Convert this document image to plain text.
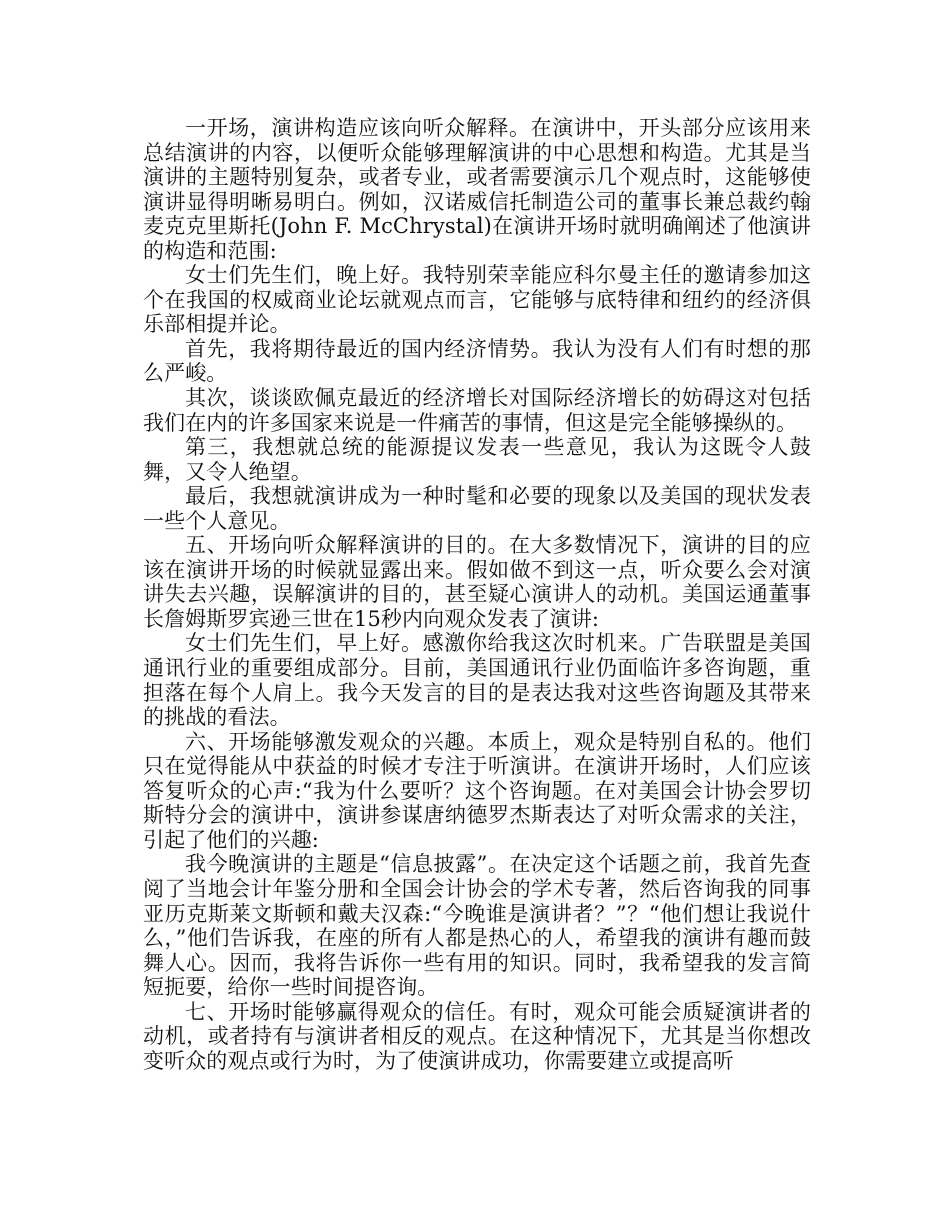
一开场，演讲构造应该向听众解释。在演讲中，开头部分应该用来总结演讲的内容，以便听众能够理解演讲的中心思想和构造。尤其是当演讲的主题特别复杂，或者专业，或者需要演示几个观点时，这能够使演讲显得明晰易明白。例如，汉诺威信托制造公司的董事长兼总裁约翰麦克克里斯托(John F. McChrystal)在演讲开场时就明确阐述了他演讲的构造和范围:

女士们先生们，晚上好。我特别荣幸能应科尔曼主任的邀请参加这个在我国的权威商业论坛就观点而言，它能够与底特律和纽约的经济俱乐部相提并论。

首先，我将期待最近的国内经济情势。我认为没有人们有时想的那么严峻。

其次，谈谈欧佩克最近的经济增长对国际经济增长的妨碍这对包括我们在内的许多国家来说是一件痛苦的事情，但这是完全能够操纵的。

第三，我想就总统的能源提议发表一些意见，我认为这既令人鼓舞，又令人绝望。

最后，我想就演讲成为一种时髦和必要的现象以及美国的现状发表一些个人意见。

五、开场向听众解释演讲的目的。在大多数情况下，演讲的目的应该在演讲开场的时候就显露出来。假如做不到这一点，听众要么会对演讲失去兴趣，误解演讲的目的，甚至疑心演讲人的动机。美国运通董事长詹姆斯罗宾逊三世在15秒内向观众发表了演讲:

女士们先生们，早上好。感激你给我这次时机来。广告联盟是美国通讯行业的重要组成部分。目前，美国通讯行业仍面临许多咨询题，重担落在每个人肩上。我今天发言的目的是表达我对这些咨询题及其带来的挑战的看法。

六、开场能够激发观众的兴趣。本质上，观众是特别自私的。他们只在觉得能从中获益的时候才专注于听演讲。在演讲开场时，人们应该答复听众的心声:“我为什么要听？这个咨询题。在对美国会计协会罗切斯特分会的演讲中，演讲参谋唐纳德罗杰斯表达了对听众需求的关注，引起了他们的兴趣:

我今晚演讲的主题是“信息披露”。在决定这个话题之前，我首先查阅了当地会计年鉴分册和全国会计协会的学术专著，然后咨询我的同事亚历克斯莱文斯顿和戴夫汉森:“今晚谁是演讲者？”？“他们想让我说什么，”他们告诉我，在座的所有人都是热心的人，希望我的演讲有趣而鼓舞人心。因而，我将告诉你一些有用的知识。同时，我希望我的发言简短扼要，给你一些时间提咨询。

七、开场时能够赢得观众的信任。有时，观众可能会质疑演讲者的动机，或者持有与演讲者相反的观点。在这种情况下，尤其是当你想改变听众的观点或行为时，为了使演讲成功，你需要建立或提高听
